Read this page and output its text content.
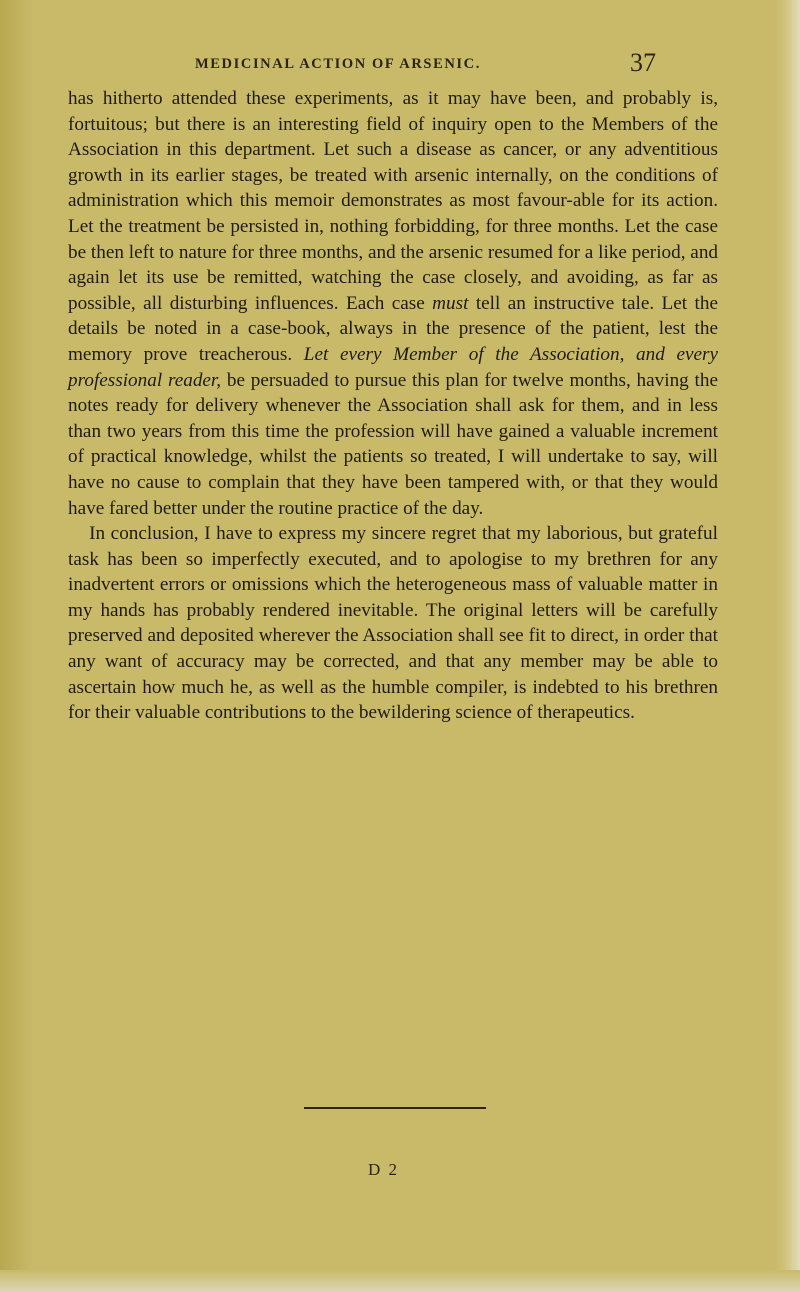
MEDICINAL ACTION OF ARSENIC.	37

has hitherto attended these experiments, as it may have been, and probably is, fortuitous; but there is an interesting field of inquiry open to the Members of the Association in this department. Let such a disease as cancer, or any adventitious growth in its earlier stages, be treated with arsenic internally, on the conditions of administration which this memoir demonstrates as most favour-able for its action. Let the treatment be persisted in, nothing forbidding, for three months. Let the case be then left to nature for three months, and the arsenic resumed for a like period, and again let its use be remitted, watching the case closely, and avoiding, as far as possible, all disturbing influences. Each case must tell an instructive tale. Let the details be noted in a case-book, always in the presence of the patient, lest the memory prove treacherous. Let every Member of the Association, and every professional reader, be persuaded to pursue this plan for twelve months, having the notes ready for delivery whenever the Association shall ask for them, and in less than two years from this time the profession will have gained a valuable increment of practical knowledge, whilst the patients so treated, I will undertake to say, will have no cause to complain that they have been tampered with, or that they would have fared better under the routine practice of the day.

In conclusion, I have to express my sincere regret that my laborious, but grateful task has been so imperfectly executed, and to apologise to my brethren for any inadvertent errors or omissions which the heterogeneous mass of valuable matter in my hands has probably rendered inevitable. The original letters will be carefully preserved and deposited wherever the Association shall see fit to direct, in order that any want of accuracy may be corrected, and that any member may be able to ascertain how much he, as well as the humble compiler, is indebted to his brethren for their valuable contributions to the bewildering science of therapeutics.

D 2
